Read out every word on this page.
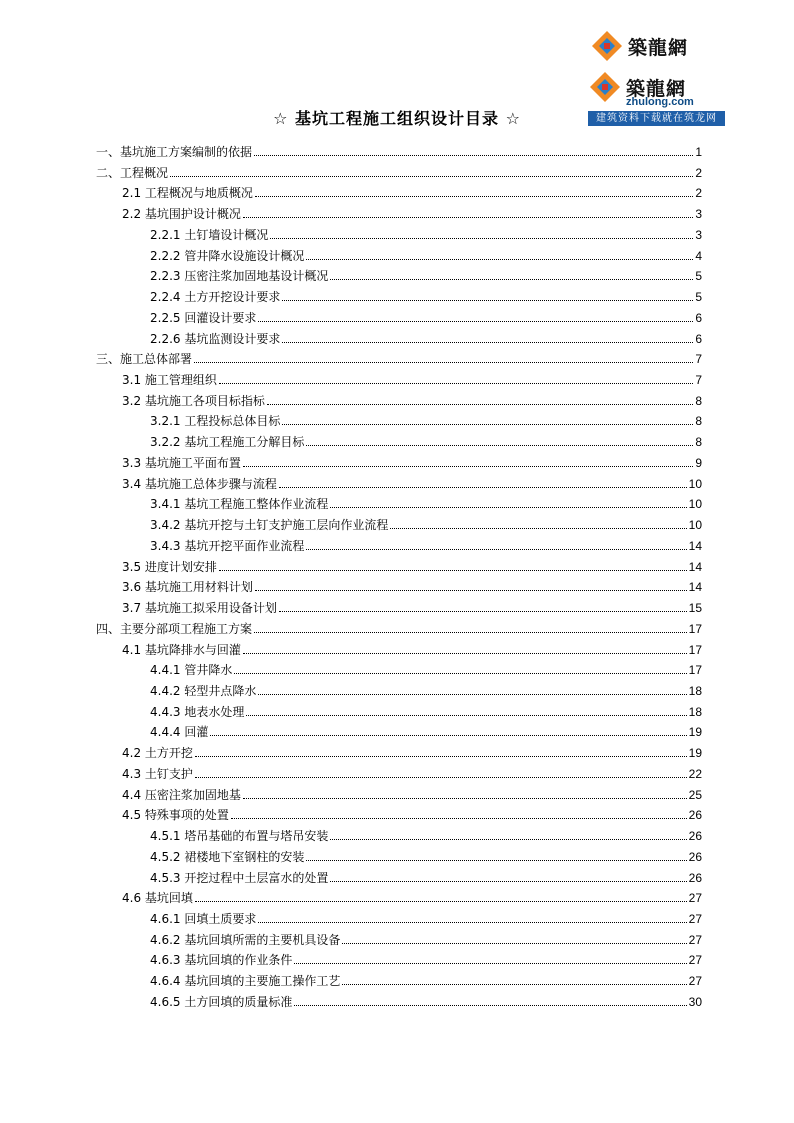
築龍網
築龍網
zhulong.com
建筑资料下载就在筑龙网
☆ 基坑工程施工组织设计目录 ☆
一、基坑施工方案编制的依据	1
二、工程概况	2
2.1 工程概况与地质概况	2
2.2 基坑围护设计概况	3
2.2.1 土钉墙设计概况	3
2.2.2 管井降水设施设计概况	4
2.2.3 压密注浆加固地基设计概况	5
2.2.4 土方开挖设计要求	5
2.2.5 回灌设计要求	6
2.2.6 基坑监测设计要求	6
三、施工总体部署	7
3.1 施工管理组织	7
3.2 基坑施工各项目标指标	8
3.2.1 工程投标总体目标	8
3.2.2 基坑工程施工分解目标	8
3.3 基坑施工平面布置	9
3.4 基坑施工总体步骤与流程	10
3.4.1 基坑工程施工整体作业流程	10
3.4.2 基坑开挖与土钉支护施工层向作业流程	10
3.4.3 基坑开挖平面作业流程	14
3.5 进度计划安排	14
3.6 基坑施工用材料计划	14
3.7 基坑施工拟采用设备计划	15
四、主要分部项工程施工方案	17
4.1 基坑降排水与回灌	17
4.4.1 管井降水	17
4.4.2 轻型井点降水	18
4.4.3 地表水处理	18
4.4.4 回灌	19
4.2 土方开挖	19
4.3 土钉支护	22
4.4 压密注浆加固地基	25
4.5 特殊事项的处置	26
4.5.1 塔吊基础的布置与塔吊安装	26
4.5.2 裙楼地下室钢柱的安装	26
4.5.3 开挖过程中土层富水的处置	26
4.6 基坑回填	27
4.6.1 回填土质要求	27
4.6.2 基坑回填所需的主要机具设备	27
4.6.3 基坑回填的作业条件	27
4.6.4 基坑回填的主要施工操作工艺	27
4.6.5 土方回填的质量标准	30
